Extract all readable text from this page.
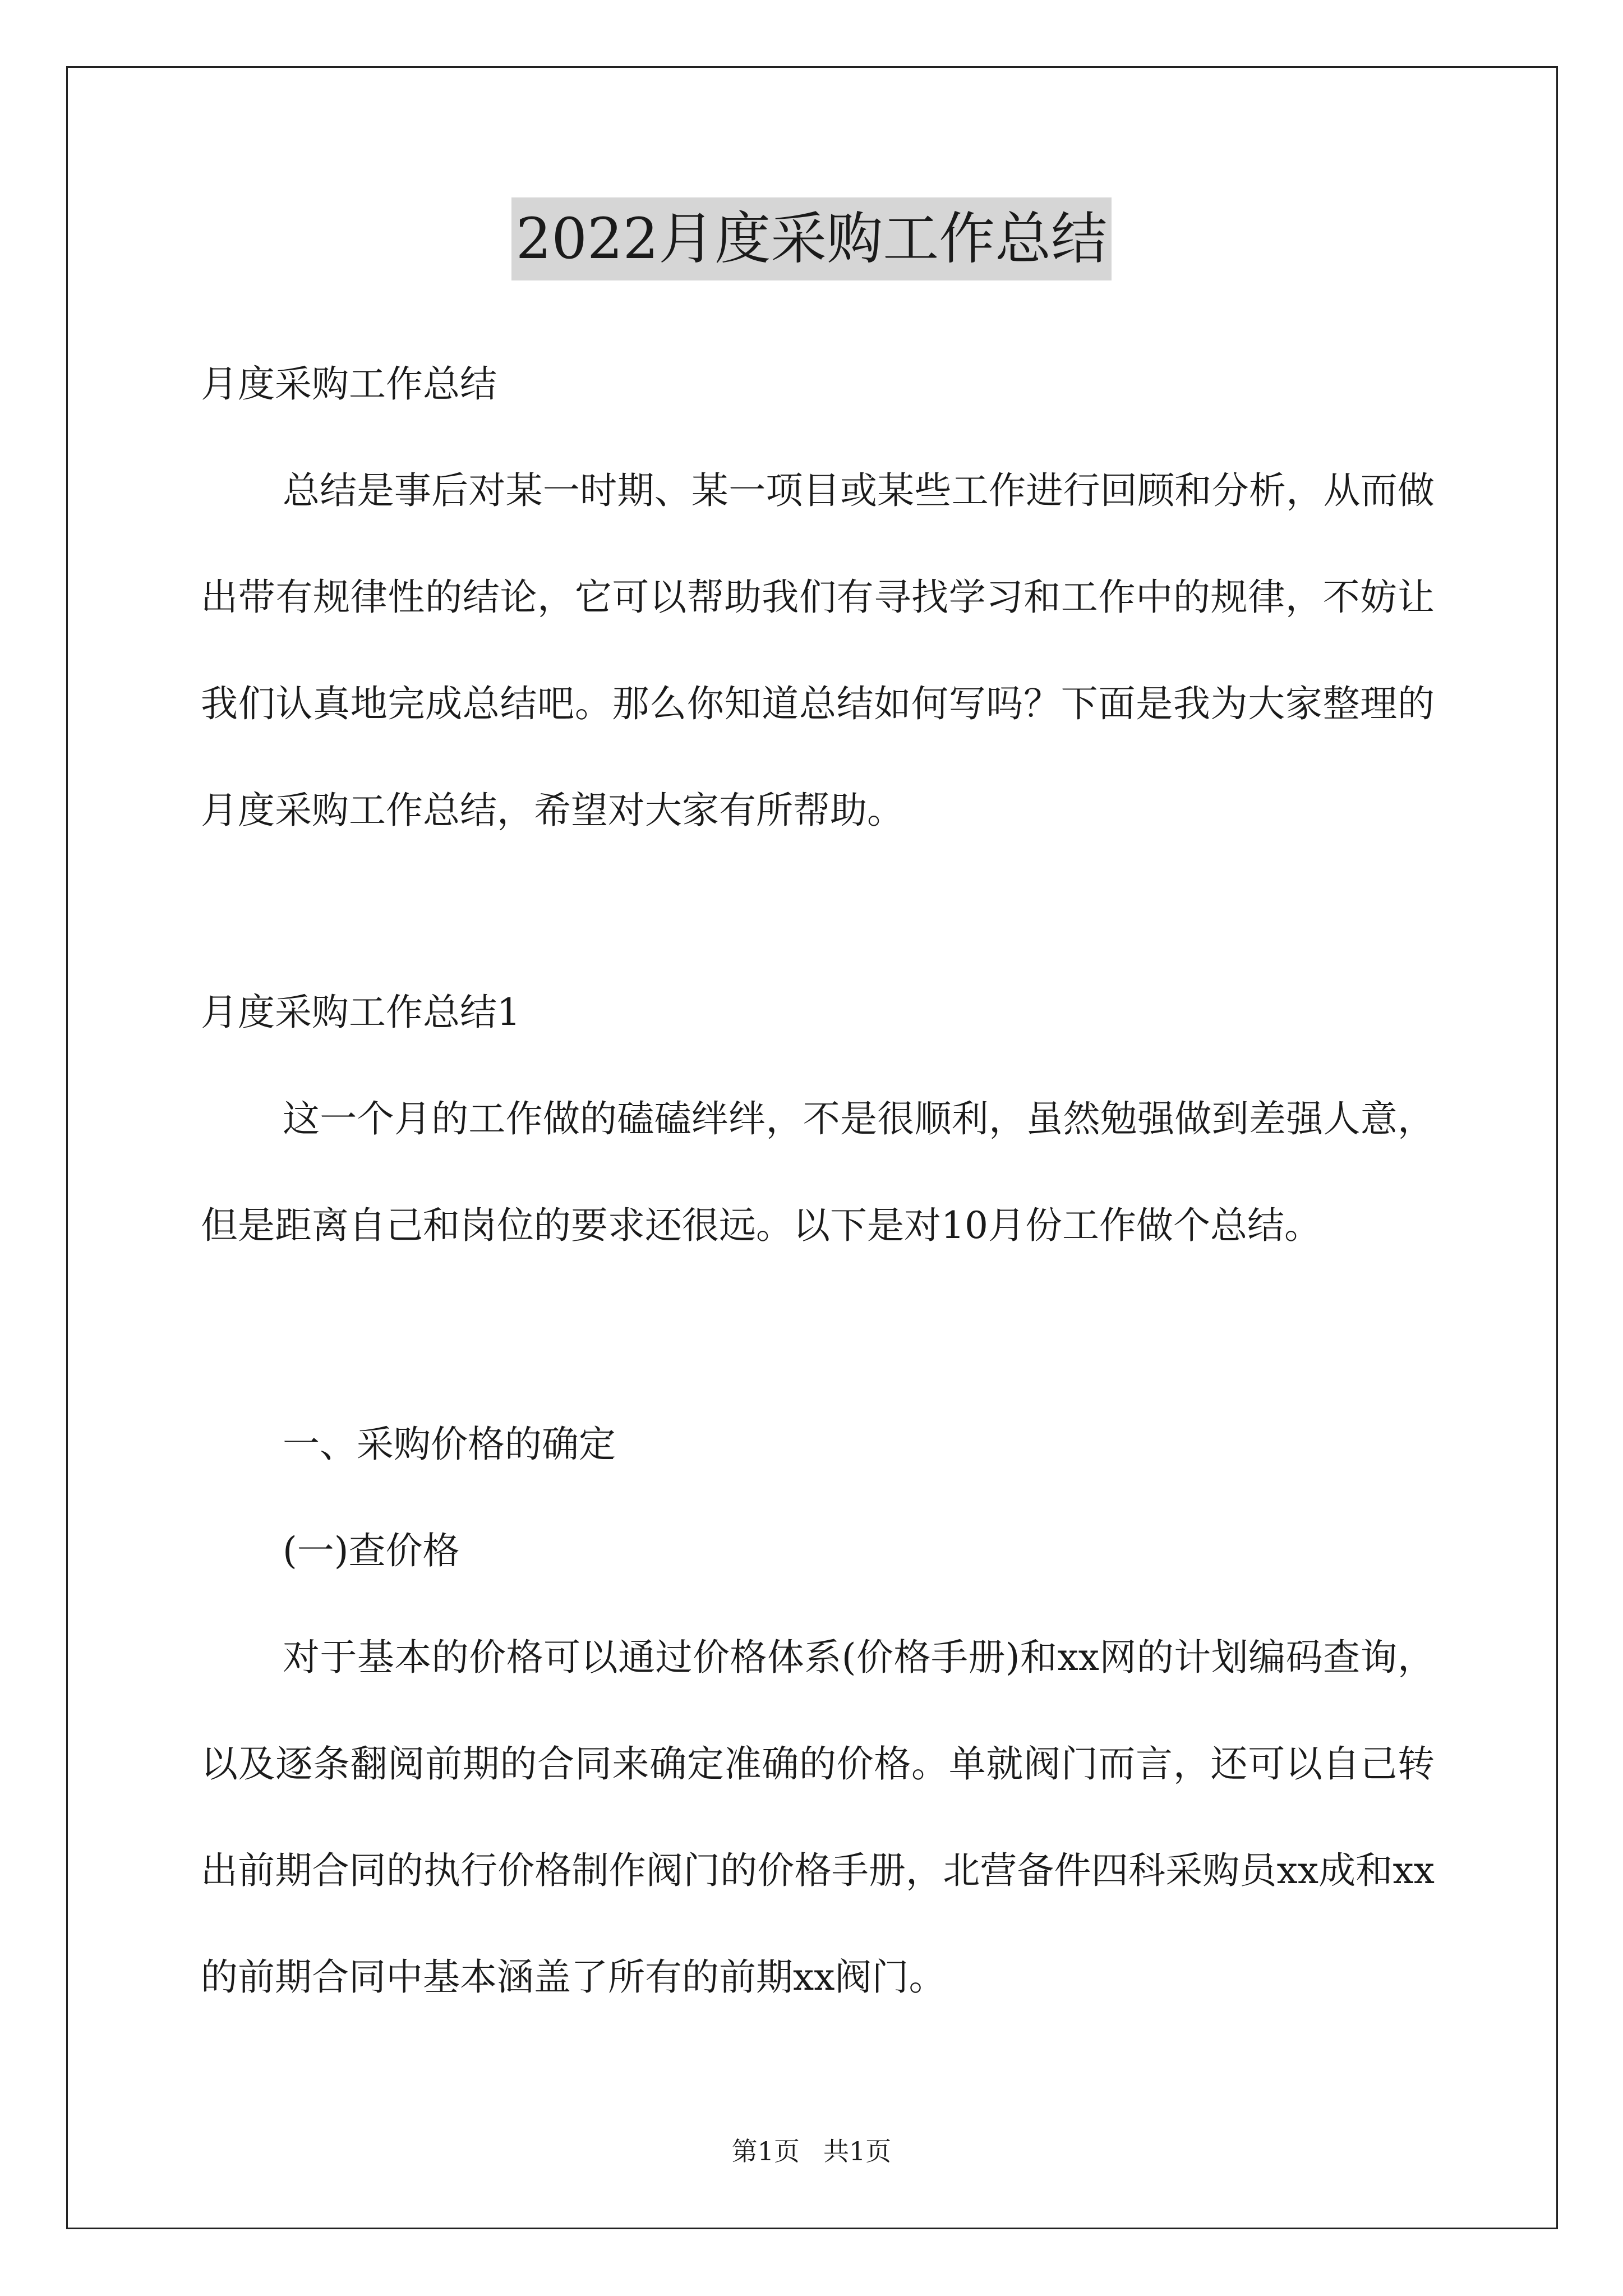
2022月度采购工作总结

月度采购工作总结

总结是事后对某一时期、某一项目或某些工作进行回顾和分析，从而做出带有规律性的结论，它可以帮助我们有寻找学习和工作中的规律，不妨让我们认真地完成总结吧。那么你知道总结如何写吗？下面是我为大家整理的月度采购工作总结，希望对大家有所帮助。

月度采购工作总结1

这一个月的工作做的磕磕绊绊，不是很顺利，虽然勉强做到差强人意，但是距离自己和岗位的要求还很远。以下是对10月份工作做个总结。

一、采购价格的确定

(一)查价格

对于基本的价格可以通过价格体系(价格手册)和xx网的计划编码查询，以及逐条翻阅前期的合同来确定准确的价格。单就阀门而言，还可以自己转出前期合同的执行价格制作阀门的价格手册，北营备件四科采购员xx成和xx的前期合同中基本涵盖了所有的前期xx阀门。

第1页 共1页
